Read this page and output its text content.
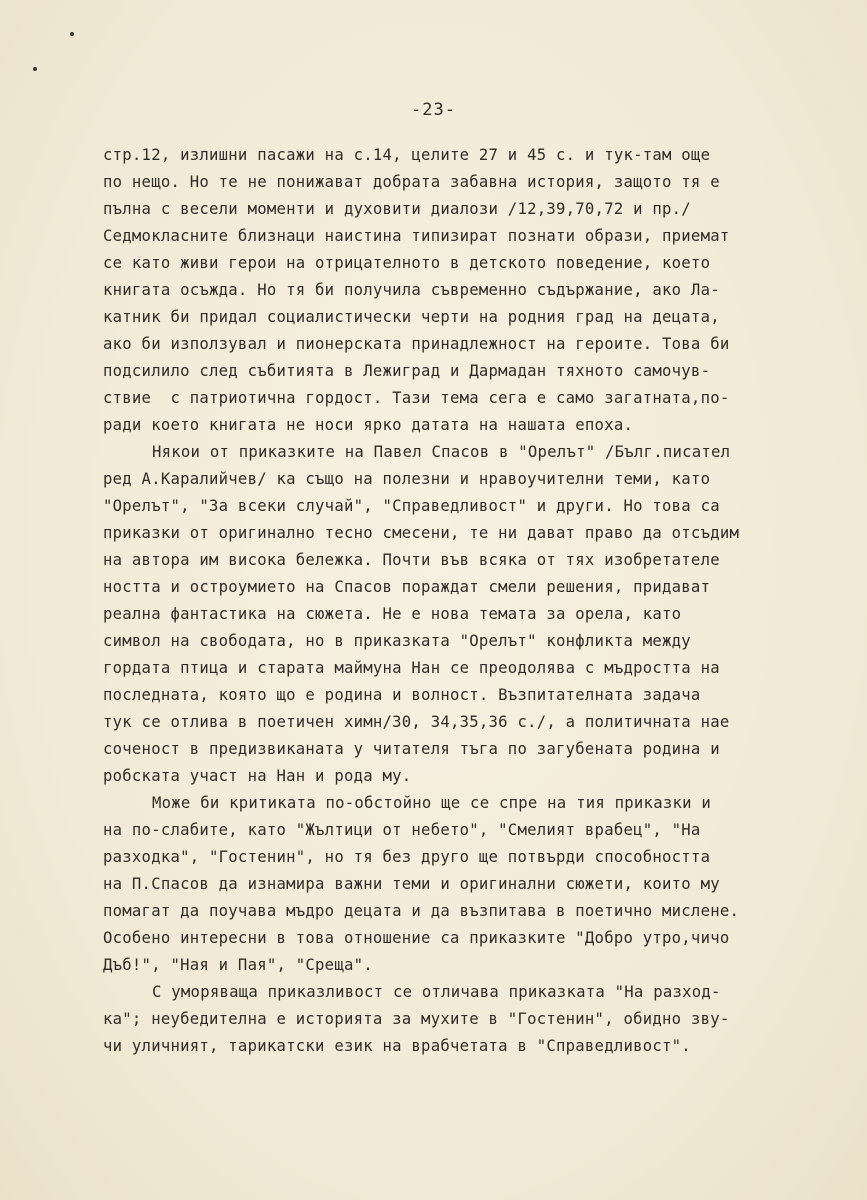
-23-
стр.12, излишни пасажи на с.14, целите 27 и 45 с. и тук-там още
по нещо. Но те не понижават добрата забавна история, защото тя е
пълна с весели моменти и духовити диалози /12,39,70,72 и пр./
Седмокласните близнаци наистина типизират познати образи, приемат
се като живи герои на отрицателното в детското поведение, което
книгата осъжда. Но тя би получила съвременно съдържание, ако Ла-
катник би придал социалистически черти на родния град на децата,
ако би използувал и пионерската принадлежност на героите. Това би
подсилило след събитията в Лежиград и Дармадан тяхното самочув-
ствие  с патриотична гордост. Тази тема сега е само загатната,по-
ради което книгата не носи ярко датата на нашата епоха.
Някои от приказките на Павел Спасов в "Орелът" /Бълг.писател
ред А.Каралийчев/ ка също на полезни и нравоучителни теми, като
"Орелът", "За всеки случай", "Справедливост" и други. Но това са
приказки от оригинално тесно смесени, те ни дават право да отсъдим
на автора им висока бележка. Почти във всяка от тях изобретателе
ността и остроумието на Спасов пораждат смели решения, придават
реална фантастика на сюжета. Не е нова темата за орела, като
символ на свободата, но в приказката "Орелът" конфликта между
гордата птица и старата маймуна Нан се преодолява с мъдростта на
последната, която що е родина и волност. Възпитателната задача
тук се отлива в поетичен химн/30, 34,35,36 с./, а политичната нае
соченост в предизвиканата у читателя тъга по загубената родина и
робската участ на Нан и рода му.
Може би критиката по-обстойно ще се спре на тия приказки и
на по-слабите, като "Жълтици от небето", "Смелият врабец", "На
разходка", "Гостенин", но тя без друго ще потвърди способността
на П.Спасов да изнамира важни теми и оригинални сюжети, които му
помагат да поучава мъдро децата и да възпитава в поетично мислене.
Особено интересни в това отношение са приказките "Добро утро,чичо
Дъб!", "Ная и Пая", "Среща".
С уморяваща приказливост се отличава приказката "На разход-
ка"; неубедителна е историята за мухите в "Гостенин", обидно зву-
чи уличният, тарикатски език на врабчетата в "Справедливост".
